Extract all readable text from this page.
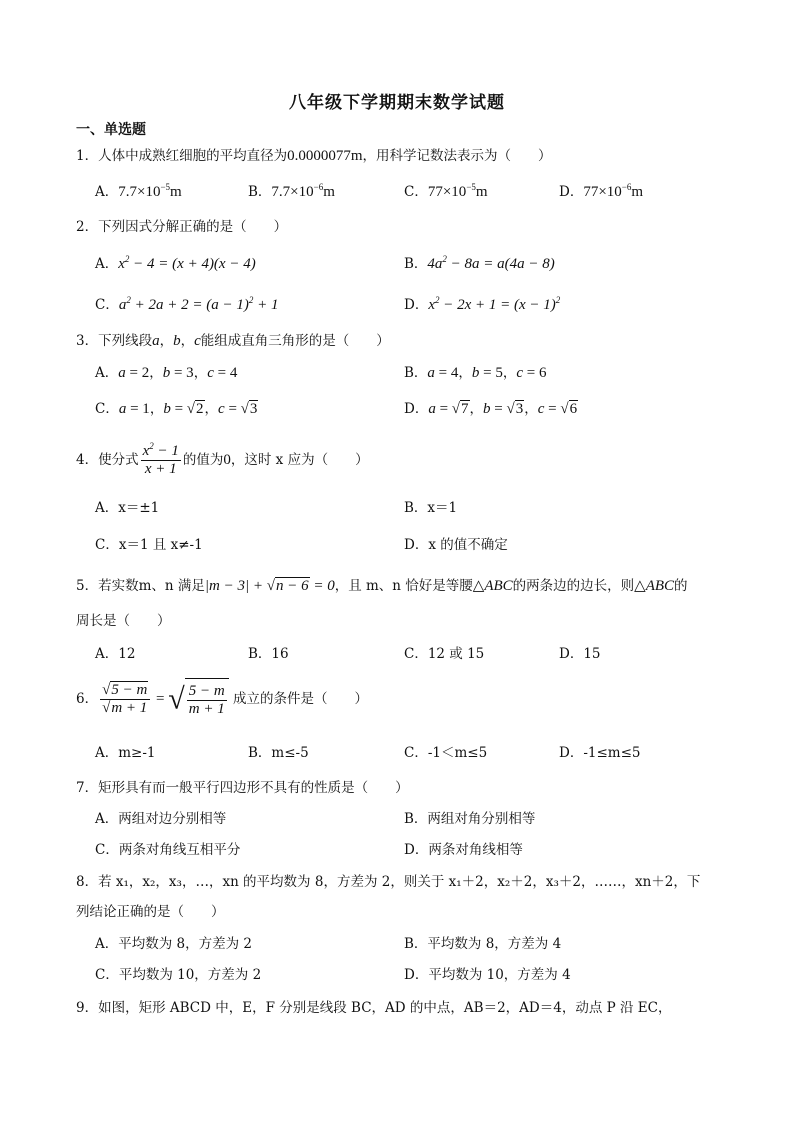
八年级下学期期末数学试题
一、单选题
1．人体中成熟红细胞的平均直径为0.0000077m，用科学记数法表示为（　　）
A．$7.7\times 10^{-5}m$	B．$7.7\times 10^{-6}m$	C．$77\times 10^{-5}m$	D．$77\times 10^{-6}m$
2．下列因式分解正确的是（　　）
A．$x^2 - 4 = (x + 4)(x - 4)$	B．$4a^2 - 8a = a(4a - 8)$
C．$a^2 + 2a + 2 = (a - 1)^2 + 1$	D．$x^2 - 2x + 1 = (x - 1)^2$
3．下列线段a，b，c能组成直角三角形的是（　　）
A．a = 2，b = 3，c = 4	B．a = 4，b = 5，c = 6
C．a = 1，b = √2，c = √3	D．a = √7，b = √3，c = √6
4．使分式 $\frac{x^2 - 1}{x + 1}$ 的值为0，这时 x 应为（　　）
A．x＝±1	B．x＝1
C．x＝1 且 x≠-1	D．x 的值不确定
5．若实数m、n 满足|m − 3| + √n − 6 = 0，且 m、n 恰好是等腰△ABC的两条边的边长，则△ABC的
周长是（　　）
A．12	B．16	C．12 或 15	D．15
6． $\frac{√5 - m}{√m + 1}$ = √ $\frac{5 - m}{m + 1}$ 成立的条件是（　　）
A．m≥-1	B．m≤-5	C．-1＜m≤5	D．-1≤m≤5
7．矩形具有而一般平行四边形不具有的性质是（　　）
A．两组对边分别相等	B．两组对角分别相等
C．两条对角线互相平分	D．两条对角线相等
8．若 x₁，x₂，x₃，…，xn 的平均数为 8，方差为 2，则关于 x₁＋2，x₂＋2，x₃＋2，……，xn＋2，下
列结论正确的是（　　）
A．平均数为 8，方差为 2	B．平均数为 8，方差为 4
C．平均数为 10，方差为 2	D．平均数为 10，方差为 4
9．如图，矩形 ABCD 中，E，F 分别是线段 BC，AD 的中点，AB＝2，AD＝4，动点 P 沿 EC，
